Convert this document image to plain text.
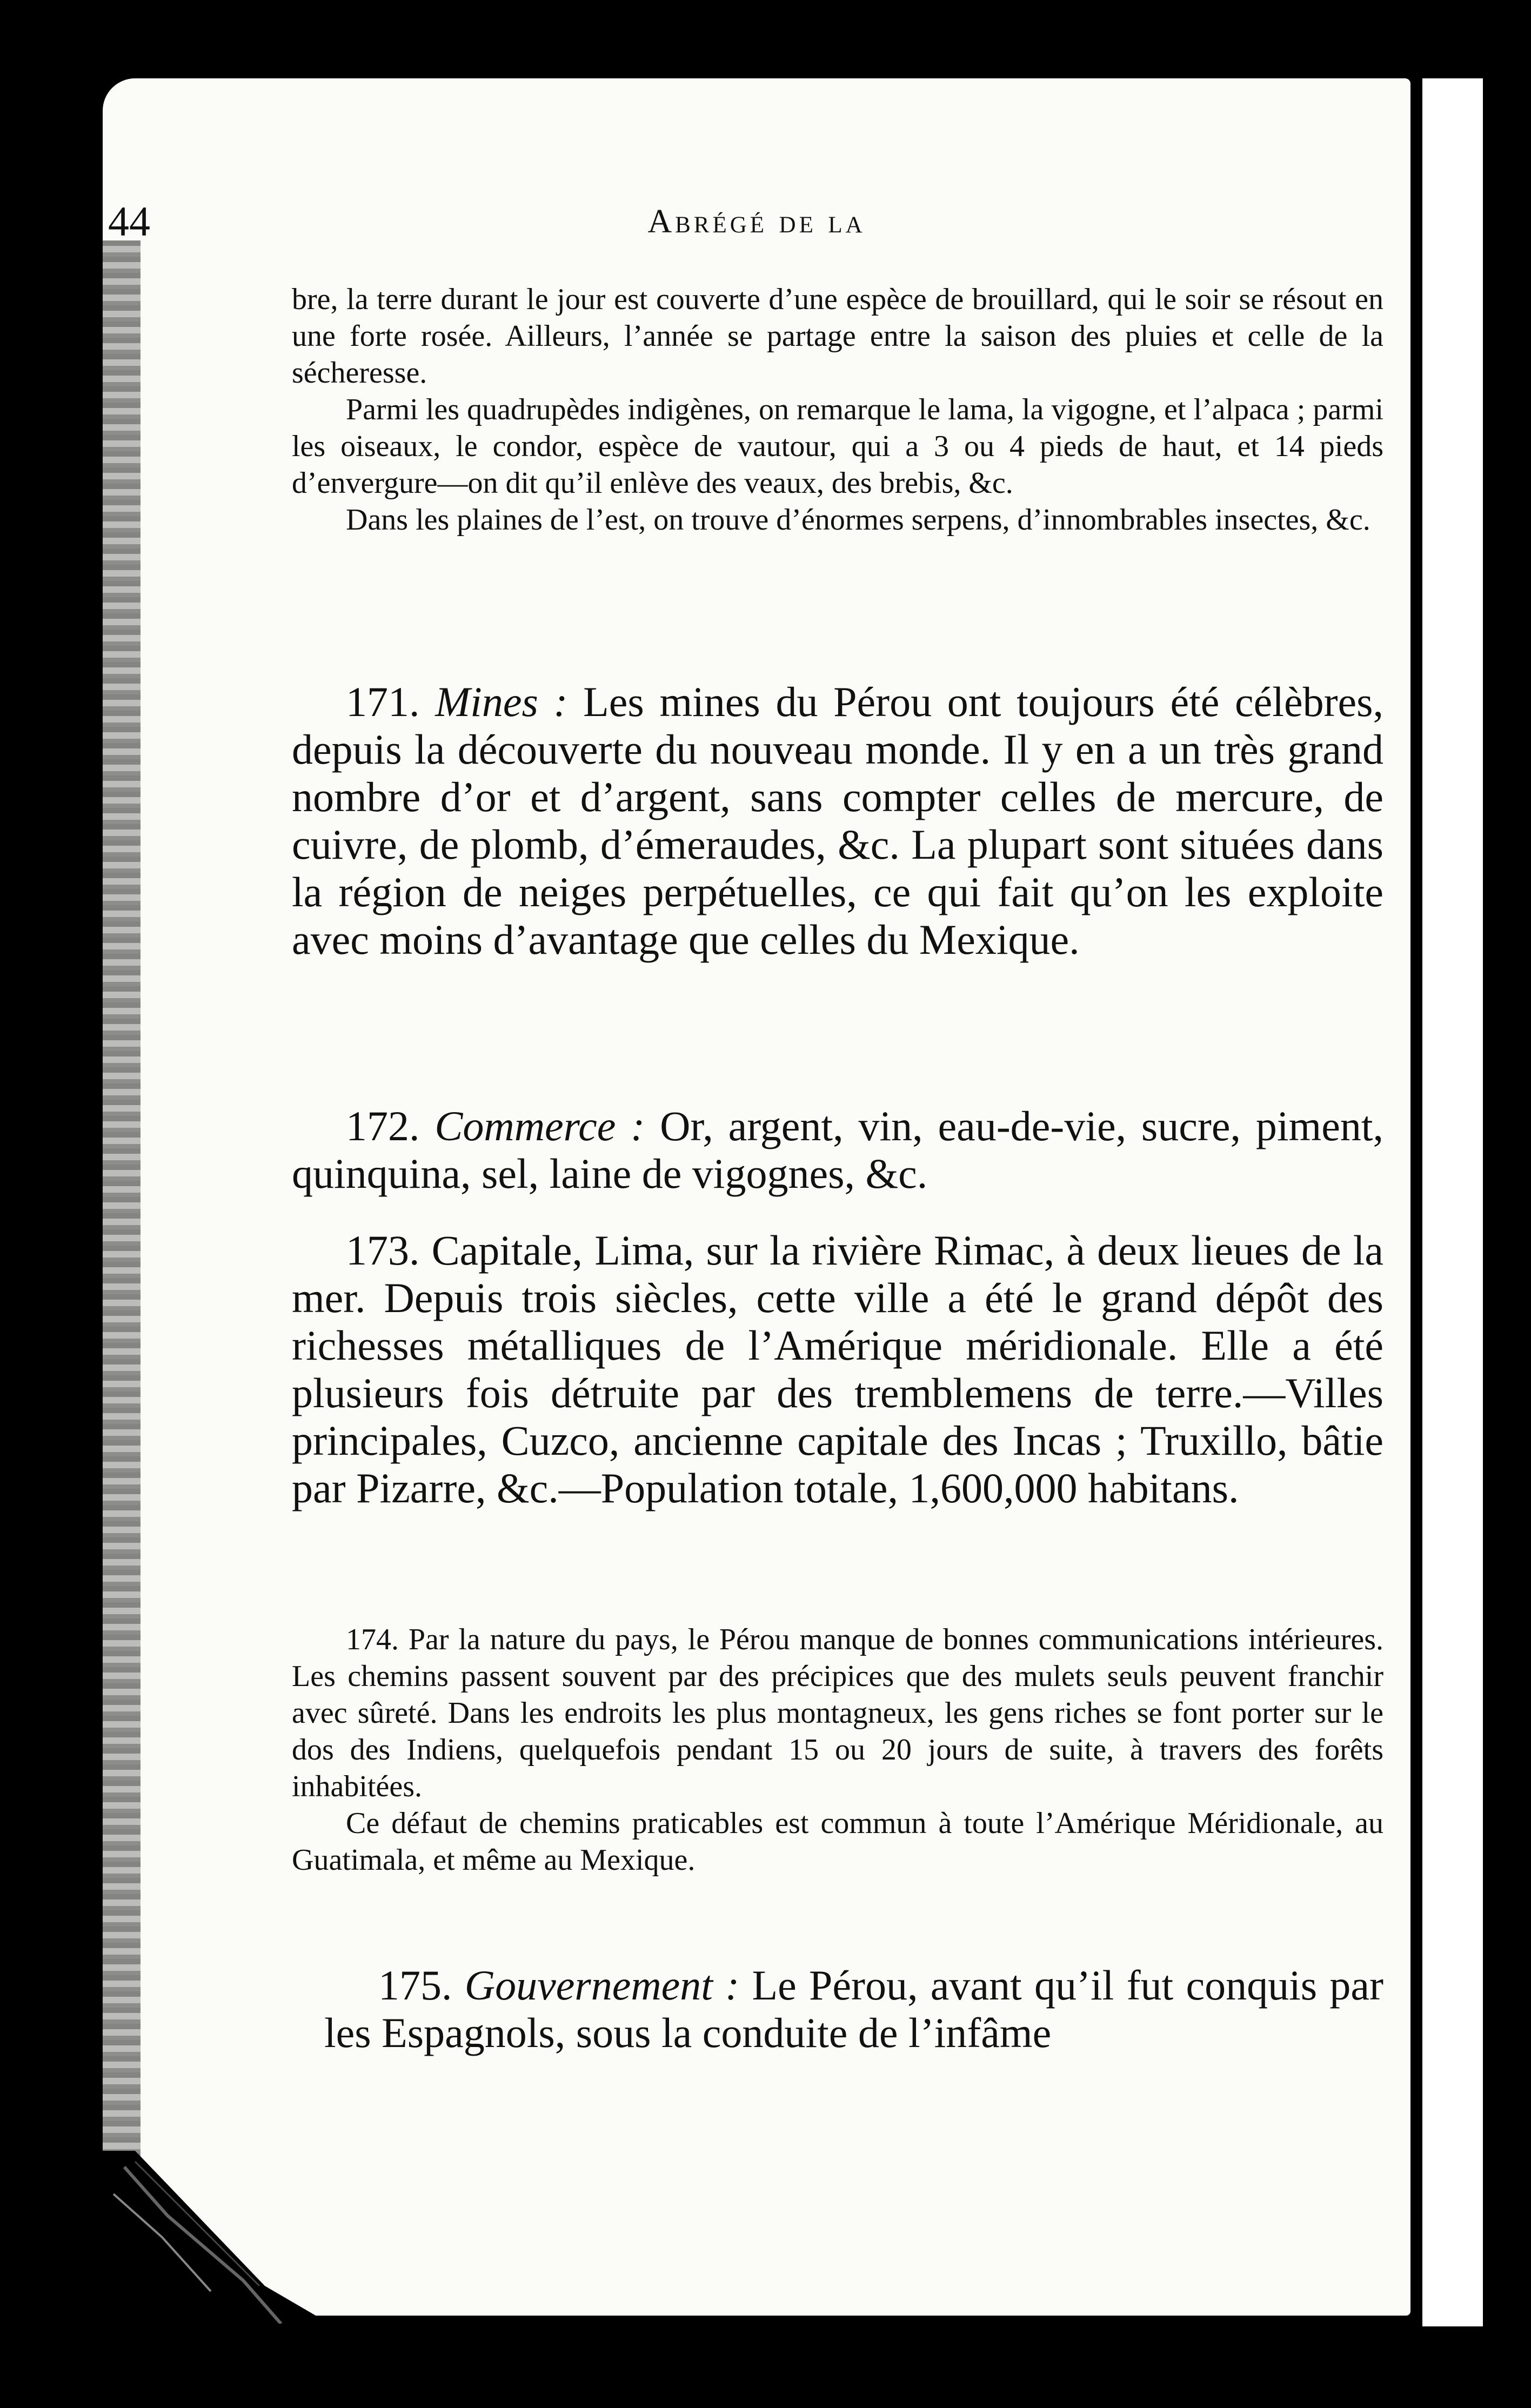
44	Abrégé de la

bre, la terre durant le jour est couverte d’une espèce de brouillard, qui le soir se résout en une forte rosée. Ailleurs, l’année se partage entre la saison des pluies et celle de la sécheresse.

Parmi les quadrupèdes indigènes, on remarque le lama, la vigogne, et l’alpaca ; parmi les oiseaux, le condor, espèce de vautour, qui a 3 ou 4 pieds de haut, et 14 pieds d’envergure—on dit qu’il enlève des veaux, des brebis, &c.

Dans les plaines de l’est, on trouve d’énormes serpens, d’innombrables insectes, &c.

171. Mines : Les mines du Pérou ont toujours été célèbres, depuis la découverte du nouveau monde. Il y en a un très grand nombre d’or et d’argent, sans compter celles de mercure, de cuivre, de plomb, d’émeraudes, &c. La plupart sont situées dans la région de neiges perpétuelles, ce qui fait qu’on les exploite avec moins d’avantage que celles du Mexique.

172. Commerce : Or, argent, vin, eau-de-vie, sucre, piment, quinquina, sel, laine de vigognes, &c.

173. Capitale, Lima, sur la rivière Rimac, à deux lieues de la mer. Depuis trois siècles, cette ville a été le grand dépôt des richesses métalliques de l’Amérique méridionale. Elle a été plusieurs fois détruite par des tremblemens de terre.—Villes principales, Cuzco, ancienne capitale des Incas ; Truxillo, bâtie par Pizarre, &c.—Population totale, 1,600,000 habitans.

174. Par la nature du pays, le Pérou manque de bonnes communications intérieures. Les chemins passent souvent par des précipices que des mulets seuls peuvent franchir avec sûreté. Dans les endroits les plus montagneux, les gens riches se font porter sur le dos des Indiens, quelquefois pendant 15 ou 20 jours de suite, à travers des forêts inhabitées.

Ce défaut de chemins praticables est commun à toute l’Amérique Méridionale, au Guatimala, et même au Mexique.

175. Gouvernement : Le Pérou, avant qu’il fut conquis par les Espagnols, sous la conduite de l’infâme
